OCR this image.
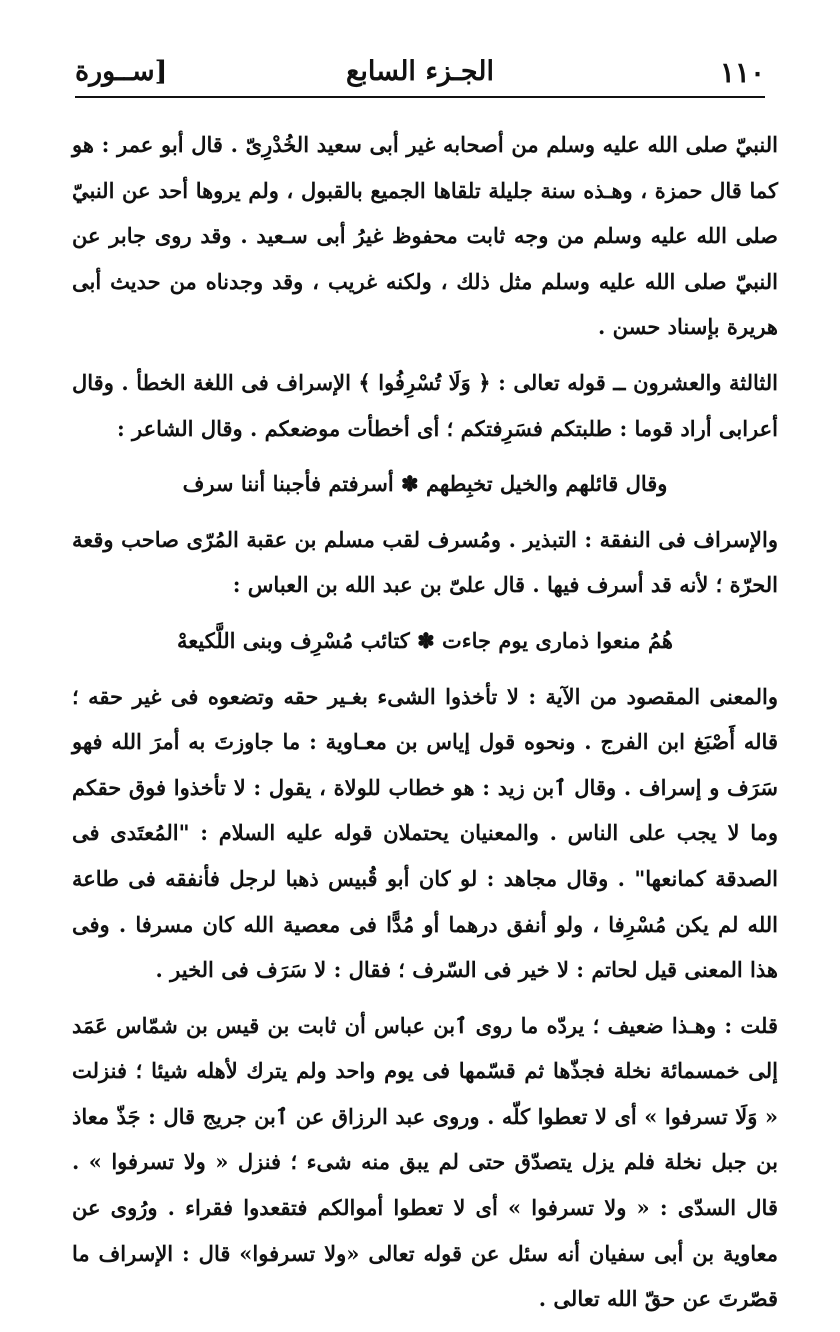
١١٠
الجـزء السابع
[ســورة

النبيّ صلى الله عليه وسلم من أصحابه غير أبى سعيد الخُدْرِىّ . قال أبو عمر : هو كما قال حمزة ، وهـذه سنة جليلة تلقاها الجميع بالقبول ، ولم يروها أحد عن النبيّ صلى الله عليه وسلم من وجه ثابت محفوظ غيرُ أبى سـعيد . وقد روى جابر عن النبيّ صلى الله عليه وسلم مثل ذلك ، ولكنه غريب ، وقد وجدناه من حديث أبى هريرة بإسناد حسن .

الثالثة والعشرون ــ قوله تعالى : ﴿ وَلَا تُسْرِفُوا ﴾ الإسراف فى اللغة الخطأ . وقال أعرابى أراد قوما : طلبتكم فسَرِفتكم ؛ أى أخطأت موضعكم . وقال الشاعر :

وقال قائلهم والخيل تخبِطهم ✽ أسرفتم فأجبنا أننا سرف

والإسراف فى النفقة : التبذير . ومُسرف لقب مسلم بن عقبة المُرّى صاحب وقعة الحرّة ؛ لأنه قد أسرف فيها . قال علىّ بن عبد الله بن العباس :

هُمُ منعوا ذمارى يوم جاءت ✽ كتائب مُسْرِف وبنى اللَّكيعهْ

والمعنى المقصود من الآية : لا تأخذوا الشىء بغـير حقه وتضعوه فى غير حقه ؛ قاله أَصْبَغ ابن الفرج . ونحوه قول إياس بن معـاوية : ما جاوزتَ به أمرَ الله فهو سَرَف و إسراف . وقال ٱبن زيد : هو خطاب للولاة ، يقول : لا تأخذوا فوق حقكم وما لا يجب على الناس . والمعنيان يحتملان قوله عليه السلام : "المُعتَدى فى الصدقة كمانعها" . وقال مجاهد : لو كان أبو قُبيس ذهبا لرجل فأنفقه فى طاعة الله لم يكن مُسْرِفا ، ولو أنفق درهما أو مُدًّا فى معصية الله كان مسرفا . وفى هذا المعنى قيل لحاتم : لا خير فى السّرف ؛ فقال : لا سَرَف فى الخير .

قلت : وهـذا ضعيف ؛ يردّه ما روى ٱبن عباس أن ثابت بن قيس بن شمّاس عَمَد إلى خمسمائة نخلة فجذّها ثم قسّمها فى يوم واحد ولم يترك لأهله شيئا ؛ فنزلت « وَلَا تسرفوا » أى لا تعطوا كلّه . وروى عبد الرزاق عن ٱبن جريج قال : جَذّ معاذ بن جبل نخلة فلم يزل يتصدّق حتى لم يبق منه شىء ؛ فنزل « ولا تسرفوا » . قال السدّى : « ولا تسرفوا » أى لا تعطوا أموالكم فتقعدوا فقراء . ورُوى عن معاوية بن أبى سفيان أنه سئل عن قوله تعالى «ولا تسرفوا» قال : الإسراف ما قصّرتَ عن حقّ الله تعالى .
